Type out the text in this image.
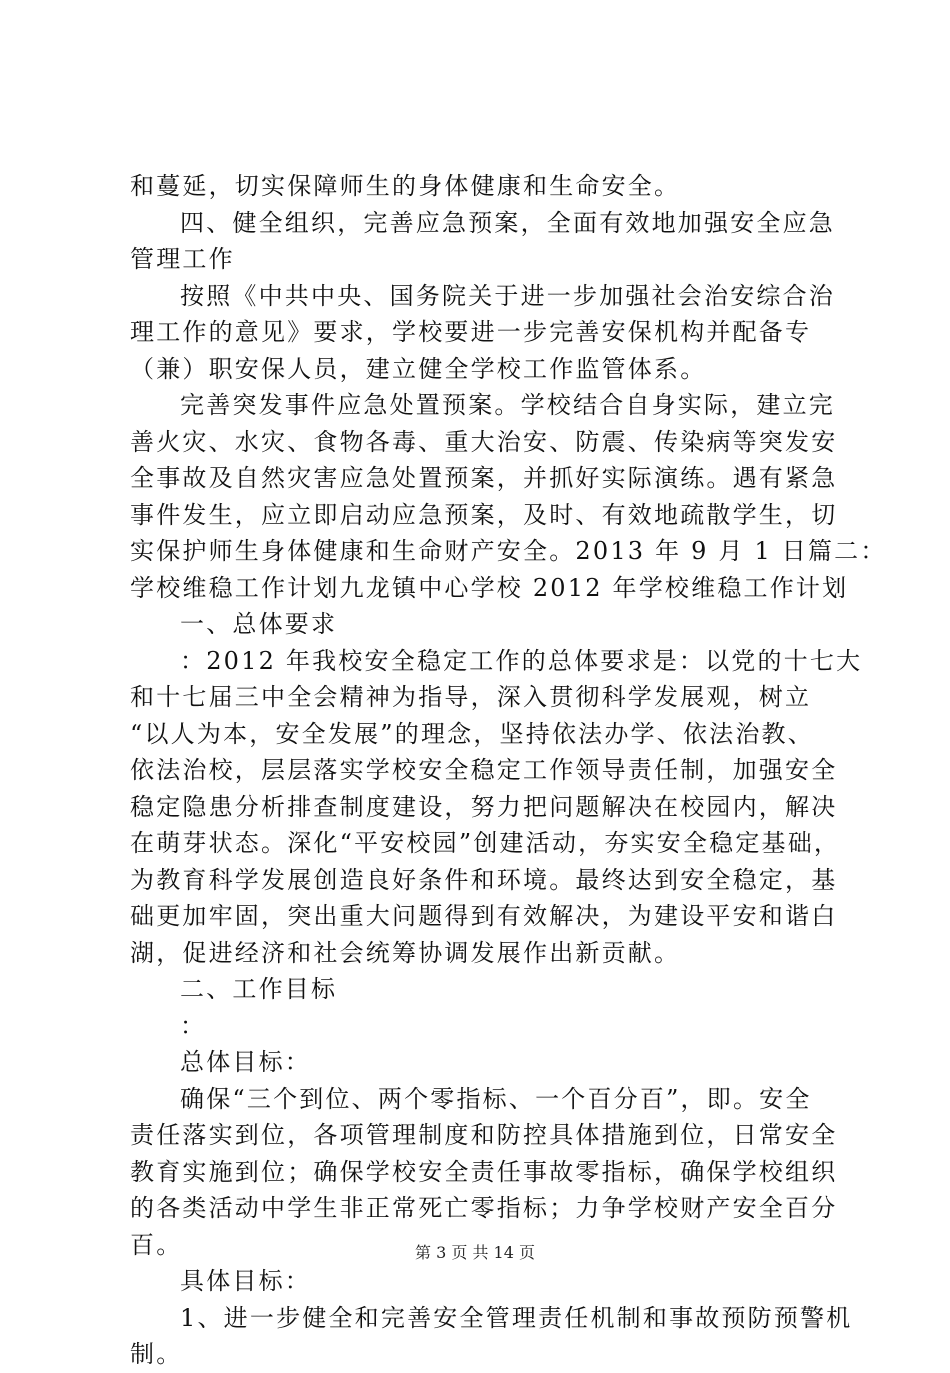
和蔓延，切实保障师生的身体健康和生命安全。
四、健全组织，完善应急预案，全面有效地加强安全应急
管理工作
按照《中共中央、国务院关于进一步加强社会治安综合治
理工作的意见》要求，学校要进一步完善安保机构并配备专
（兼）职安保人员，建立健全学校工作监管体系。
完善突发事件应急处置预案。学校结合自身实际，建立完
善火灾、水灾、食物各毒、重大治安、防震、传染病等突发安
全事故及自然灾害应急处置预案，并抓好实际演练。遇有紧急
事件发生，应立即启动应急预案，及时、有效地疏散学生，切
实保护师生身体健康和生命财产安全。2013 年 9 月 1 日篇二：
学校维稳工作计划九龙镇中心学校 2012 年学校维稳工作计划
一、总体要求
：2012 年我校安全稳定工作的总体要求是：以党的十七大
和十七届三中全会精神为指导，深入贯彻科学发展观，树立
“以人为本，安全发展”的理念，坚持依法办学、依法治教、
依法治校，层层落实学校安全稳定工作领导责任制，加强安全
稳定隐患分析排查制度建设，努力把问题解决在校园内，解决
在萌芽状态。深化“平安校园”创建活动，夯实安全稳定基础，
为教育科学发展创造良好条件和环境。最终达到安全稳定，基
础更加牢固，突出重大问题得到有效解决，为建设平安和谐白
湖，促进经济和社会统筹协调发展作出新贡献。
二、工作目标
：
总体目标：
确保“三个到位、两个零指标、一个百分百”，即。安全
责任落实到位，各项管理制度和防控具体措施到位，日常安全
教育实施到位；确保学校安全责任事故零指标，确保学校组织
的各类活动中学生非正常死亡零指标；力争学校财产安全百分
百。
具体目标：
1、进一步健全和完善安全管理责任机制和事故预防预警机
制。
第 3 页 共 14 页
